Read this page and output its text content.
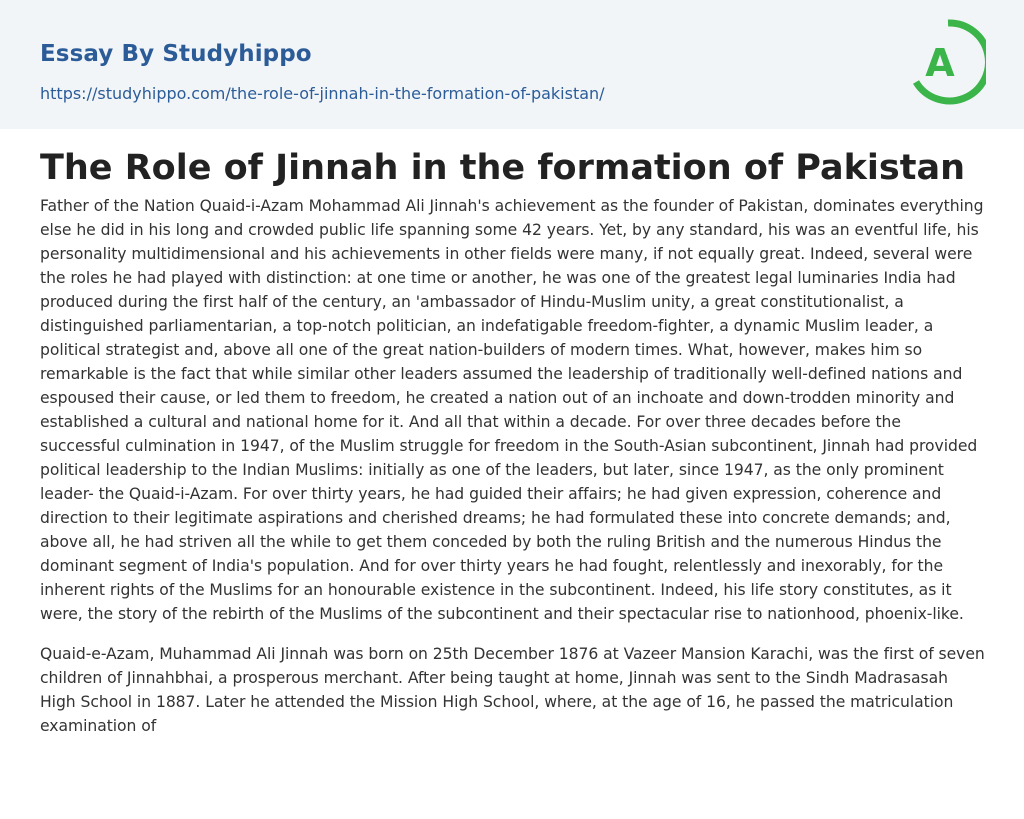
Essay By Studyhippo
https://studyhippo.com/the-role-of-jinnah-in-the-formation-of-pakistan/
A
The Role of Jinnah in the formation of Pakistan

Father of the Nation Quaid-i-Azam Mohammad Ali Jinnah's achievement as the founder of Pakistan, dominates everything else he did in his long and crowded public life spanning some 42 years. Yet, by any standard, his was an eventful life, his personality multidimensional and his achievements in other fields were many, if not equally great. Indeed, several were the roles he had played with distinction: at one time or another, he was one of the greatest legal luminaries India had produced during the first half of the century, an 'ambassador of Hindu-Muslim unity, a great constitutionalist, a distinguished parliamentarian, a top-notch politician, an indefatigable freedom-fighter, a dynamic Muslim leader, a political strategist and, above all one of the great nation-builders of modern times. What, however, makes him so remarkable is the fact that while similar other leaders assumed the leadership of traditionally well-defined nations and espoused their cause, or led them to freedom, he created a nation out of an inchoate and down-trodden minority and established a cultural and national home for it. And all that within a decade. For over three decades before the successful culmination in 1947, of the Muslim struggle for freedom in the South-Asian subcontinent, Jinnah had provided political leadership to the Indian Muslims: initially as one of the leaders, but later, since 1947, as the only prominent leader- the Quaid-i-Azam. For over thirty years, he had guided their affairs; he had given expression, coherence and direction to their legitimate aspirations and cherished dreams; he had formulated these into concrete demands; and, above all, he had striven all the while to get them conceded by both the ruling British and the numerous Hindus the dominant segment of India's population. And for over thirty years he had fought, relentlessly and inexorably, for the inherent rights of the Muslims for an honourable existence in the subcontinent. Indeed, his life story constitutes, as it were, the story of the rebirth of the Muslims of the subcontinent and their spectacular rise to nationhood, phoenix-like.

Quaid-e-Azam, Muhammad Ali Jinnah was born on 25th December 1876 at Vazeer Mansion Karachi, was the first of seven children of Jinnahbhai, a prosperous merchant. After being taught at home, Jinnah was sent to the Sindh Madrasasah High School in 1887. Later he attended the Mission High School, where, at the age of 16, he passed the matriculation examination of
